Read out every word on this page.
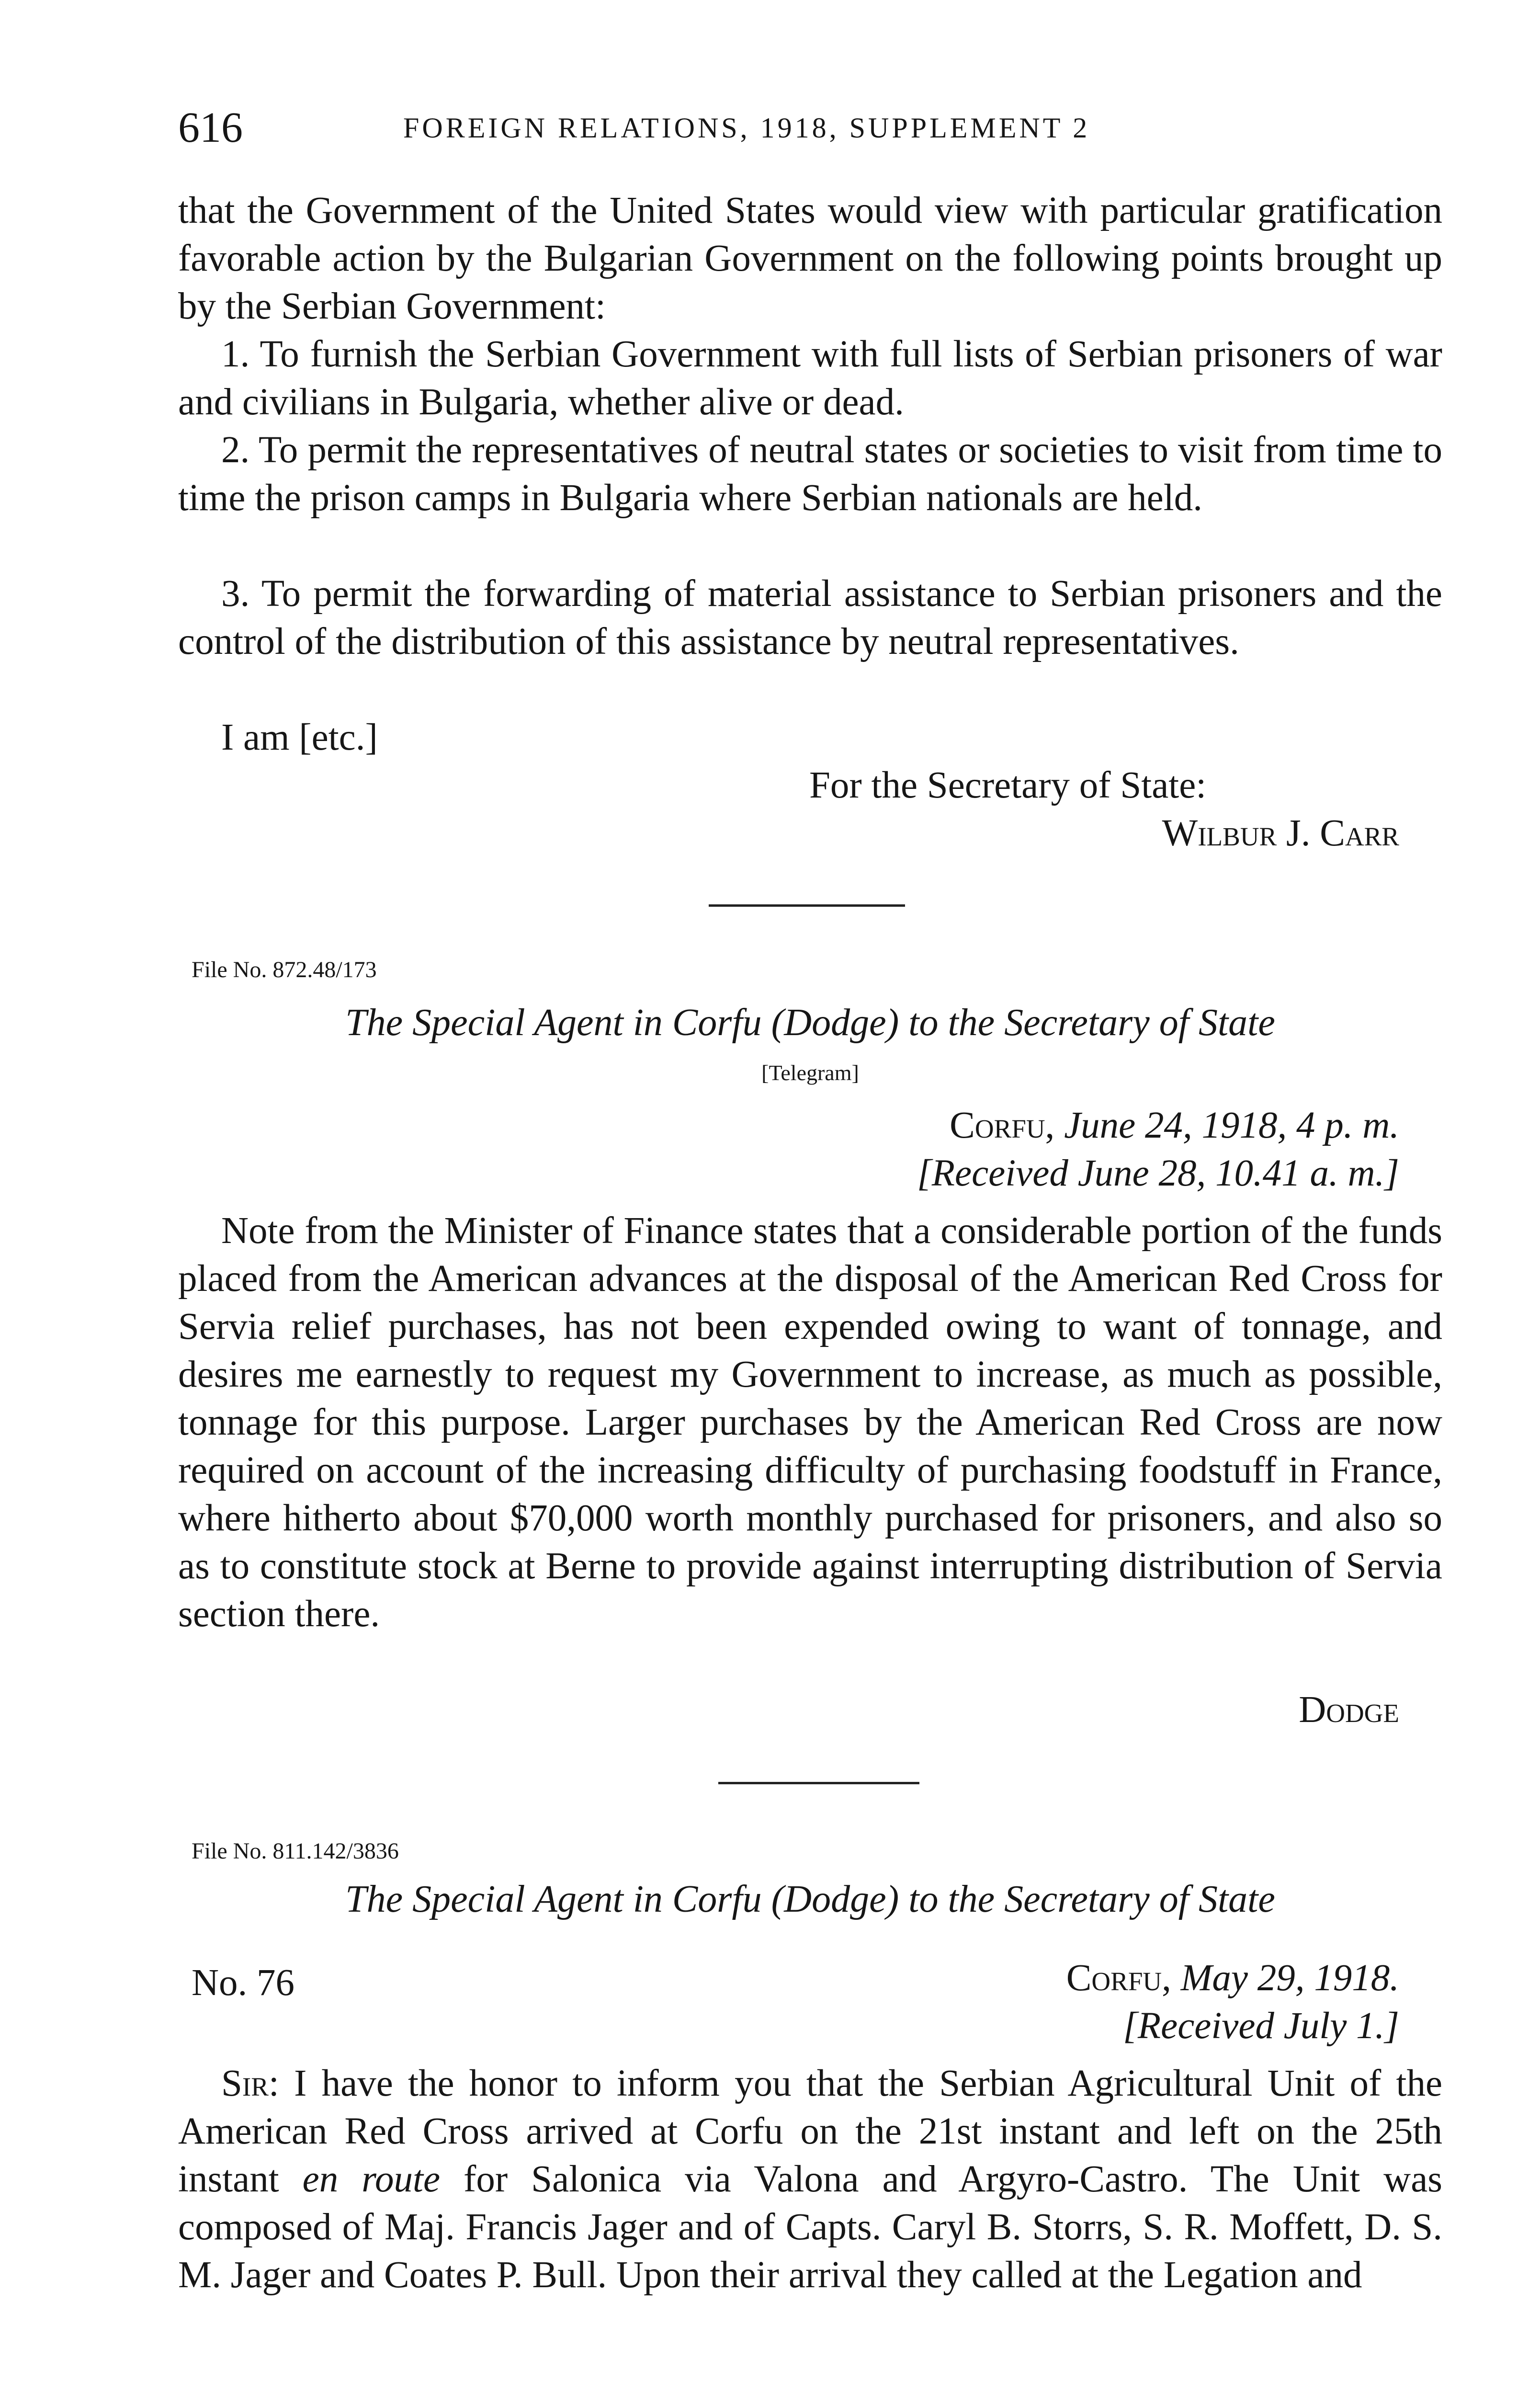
616	FOREIGN RELATIONS, 1918, SUPPLEMENT 2

that the Government of the United States would view with particular gratification favorable action by the Bulgarian Government on the following points brought up by the Serbian Government:

1. To furnish the Serbian Government with full lists of Serbian prisoners of war and civilians in Bulgaria, whether alive or dead.

2. To permit the representatives of neutral states or societies to visit from time to time the prison camps in Bulgaria where Serbian nationals are held.

3. To permit the forwarding of material assistance to Serbian prisoners and the control of the distribution of this assistance by neutral representatives.

I am [etc.]

For the Secretary of State:

Wilbur J. Carr

File No. 872.48/173
The Special Agent in Corfu (Dodge) to the Secretary of State
[Telegram]

Corfu, June 24, 1918, 4 p. m.

[Received June 28, 10.41 a. m.]

Note from the Minister of Finance states that a considerable portion of the funds placed from the American advances at the disposal of the American Red Cross for Servia relief purchases, has not been expended owing to want of tonnage, and desires me earnestly to request my Government to increase, as much as possible, tonnage for this purpose. Larger purchases by the American Red Cross are now required on account of the increasing difficulty of purchasing foodstuff in France, where hitherto about $70,000 worth monthly purchased for prisoners, and also so as to constitute stock at Berne to provide against interrupting distribution of Servia section there.

Dodge

File No. 811.142/3836
The Special Agent in Corfu (Dodge) to the Secretary of State
No. 76	Corfu, May 29, 1918.

[Received July 1.]

Sir: I have the honor to inform you that the Serbian Agricultural Unit of the American Red Cross arrived at Corfu on the 21st instant and left on the 25th instant en route for Salonica via Valona and Argyro-Castro. The Unit was composed of Maj. Francis Jager and of Capts. Caryl B. Storrs, S. R. Moffett, D. S. M. Jager and Coates P. Bull. Upon their arrival they called at the Legation and
